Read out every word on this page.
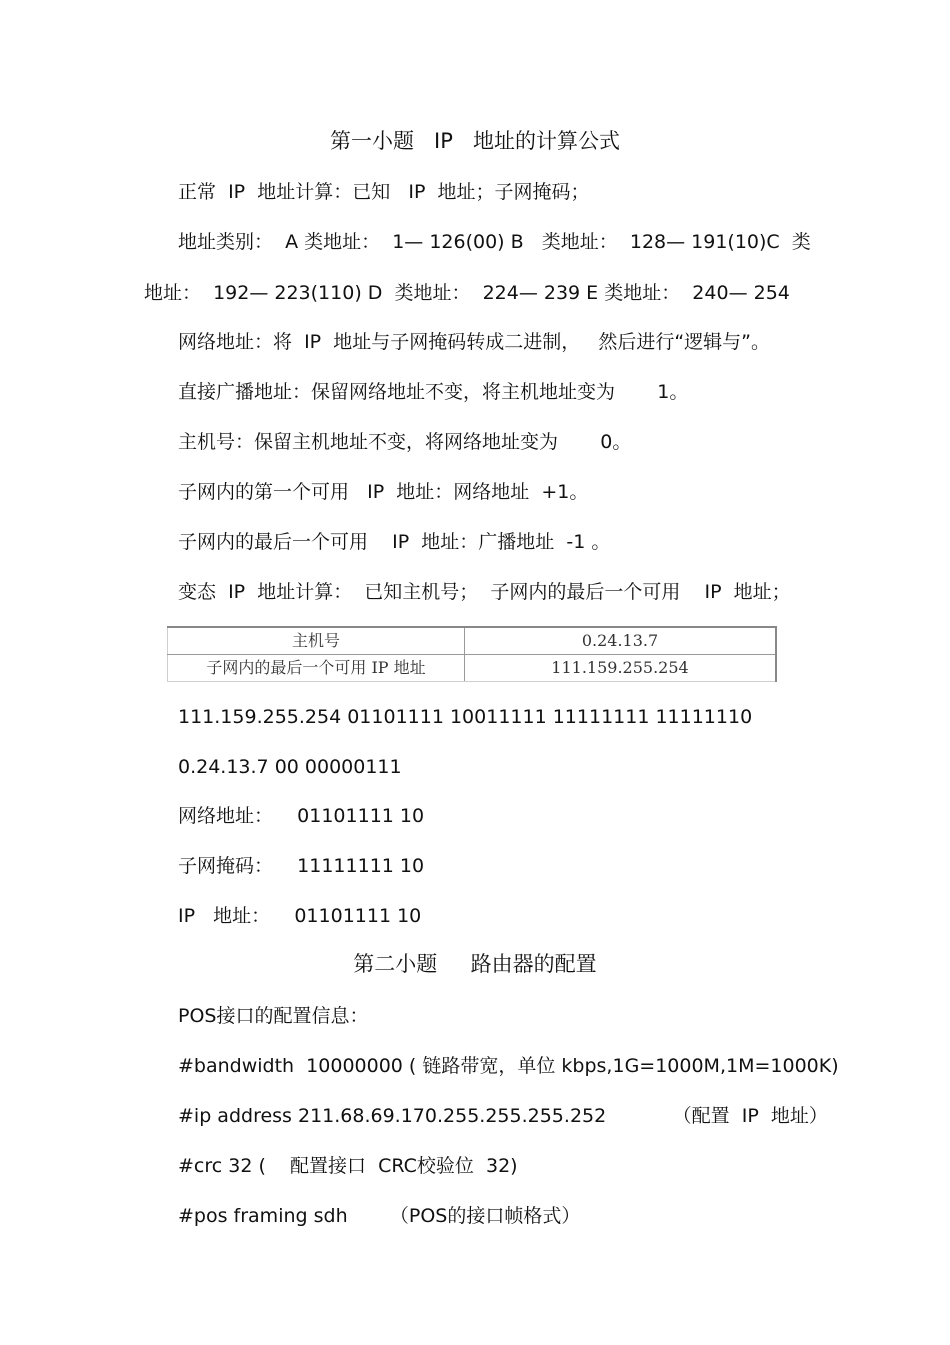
第一小题   IP   地址的计算公式
正常  IP  地址计算：已知   IP  地址；子网掩码；
地址类别：  A 类地址：  1— 126(00) B   类地址：  128— 191(10)C  类
地址：  192— 223(110) D  类地址：  224— 239 E 类地址：  240— 254
网络地址：将  IP  地址与子网掩码转成二进制，   然后进行“逻辑与”。
直接广播地址：保留网络地址不变，将主机地址变为       1。
主机号：保留主机地址不变，将网络地址变为       0。
子网内的第一个可用   IP  地址：网络地址  +1。
子网内的最后一个可用    IP  地址：广播地址  -1 。
变态  IP  地址计算：  已知主机号；  子网内的最后一个可用    IP  地址；
主机号	0.24.13.7
子网内的最后一个可用 IP 地址	111.159.255.254
111.159.255.254 01101111 10011111 11111111 11111110
0.24.13.7 00 00000111
网络地址：    01101111 10
子网掩码：    11111111 10
IP   地址：    01101111 10
第二小题     路由器的配置
POS接口的配置信息：
#bandwidth  10000000 ( 链路带宽，单位 kbps,1G=1000M,1M=1000K)
#ip address 211.68.69.170.255.255.255.252           （配置  IP  地址）
#crc 32 (    配置接口  CRC校验位  32)
#pos framing sdh       （POS的接口帧格式）
